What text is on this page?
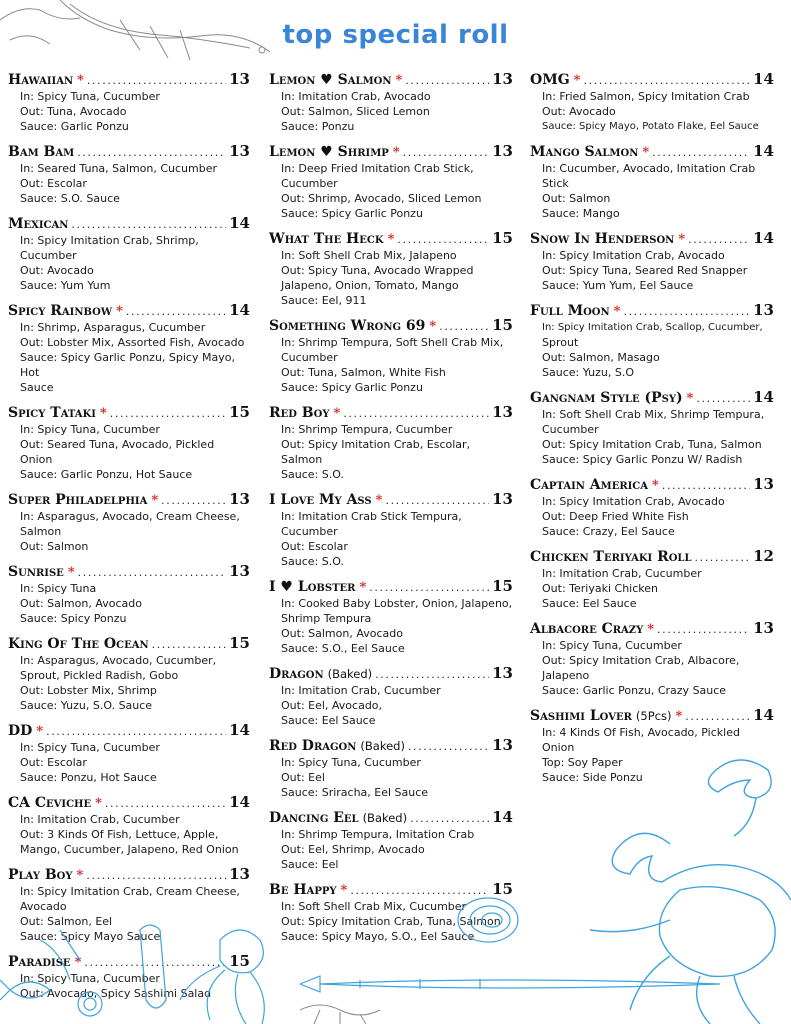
top special roll
Hawaiian * .....	13
In: Spicy Tuna, Cucumber
Out: Tuna, Avocado
Sauce: Garlic Ponzu
Bam Bam .....	13
In: Seared Tuna, Salmon, Cucumber
Out: Escolar
Sauce: S.O. Sauce
Mexican .....	14
In: Spicy Imitation Crab, Shrimp, Cucumber
Out: Avocado
Sauce: Yum Yum
Spicy Rainbow * .....	14
In: Shrimp, Asparagus, Cucumber
Out: Lobster Mix, Assorted Fish, Avocado
Sauce: Spicy Garlic Ponzu, Spicy Mayo, Hot
Sauce
Spicy Tataki * .....	15
In: Spicy Tuna, Cucumber
Out: Seared Tuna, Avocado, Pickled Onion
Sauce: Garlic Ponzu, Hot Sauce
Super Philadelphia * .....	13
In: Asparagus, Avocado, Cream Cheese,
Salmon
Out: Salmon
Sunrise * .....	13
In: Spicy Tuna
Out: Salmon, Avocado
Sauce: Spicy Ponzu
King Of The Ocean .....	15
In: Asparagus, Avocado, Cucumber,
Sprout, Pickled Radish, Gobo
Out: Lobster Mix, Shrimp
Sauce: Yuzu, S.O. Sauce
DD * .....	14
In: Spicy Tuna, Cucumber
Out: Escolar
Sauce: Ponzu, Hot Sauce
CA Ceviche * .....	14
In: Imitation Crab, Cucumber
Out: 3 Kinds Of Fish, Lettuce, Apple,
Mango, Cucumber, Jalapeno, Red Onion
Play Boy * .....	13
In: Spicy Imitation Crab, Cream Cheese,
Avocado
Out: Salmon, Eel
Sauce: Spicy Mayo Sauce
Paradise * .....	15
In: Spicy Tuna, Cucumber
Out: Avocado, Spicy Sashimi Salad
Lemon ♥ Salmon * .....	13
In: Imitation Crab, Avocado
Out: Salmon, Sliced Lemon
Sauce: Ponzu
Lemon ♥ Shrimp * .....	13
In: Deep Fried Imitation Crab Stick,
Cucumber
Out: Shrimp, Avocado, Sliced Lemon
Sauce: Spicy Garlic Ponzu
What The Heck * .....	15
In: Soft Shell Crab Mix, Jalapeno
Out: Spicy Tuna, Avocado Wrapped
Jalapeno, Onion, Tomato, Mango
Sauce: Eel, 911
Something Wrong 69 * .....	15
In: Shrimp Tempura, Soft Shell Crab Mix,
Cucumber
Out: Tuna, Salmon, White Fish
Sauce: Spicy Garlic Ponzu
Red Boy * .....	13
In: Shrimp Tempura, Cucumber
Out: Spicy Imitation Crab, Escolar, Salmon
Sauce: S.O.
I Love My Ass * .....	13
In: Imitation Crab Stick Tempura,
Cucumber
Out: Escolar
Sauce: S.O.
I ♥ Lobster * .....	15
In: Cooked Baby Lobster, Onion, Jalapeno,
Shrimp Tempura
Out: Salmon, Avocado
Sauce: S.O., Eel Sauce
Dragon (Baked) .....	13
In: Imitation Crab, Cucumber
Out: Eel, Avocado,
Sauce: Eel Sauce
Red Dragon (Baked) .....	13
In: Spicy Tuna, Cucumber
Out: Eel
Sauce: Sriracha, Eel Sauce
Dancing Eel (Baked) .....	14
In: Shrimp Tempura, Imitation Crab
Out: Eel, Shrimp, Avocado
Sauce: Eel
Be Happy * .....	15
In: Soft Shell Crab Mix, Cucumber
Out: Spicy Imitation Crab, Tuna, Salmon
Sauce: Spicy Mayo, S.O., Eel Sauce
OMG * .....	14
In: Fried Salmon, Spicy Imitation Crab
Out: Avocado
Sauce: Spicy Mayo, Potato Flake, Eel Sauce
Mango Salmon * .....	14
In: Cucumber, Avocado, Imitation Crab
Stick
Out: Salmon
Sauce: Mango
Snow In Henderson * .....	14
In: Spicy Imitation Crab, Avocado
Out: Spicy Tuna, Seared Red Snapper
Sauce: Yum Yum, Eel Sauce
Full Moon * .....	13
In: Spicy Imitation Crab, Scallop, Cucumber,
Sprout
Out: Salmon, Masago
Sauce: Yuzu, S.O
Gangnam Style (Psy) * .....	14
In: Soft Shell Crab Mix, Shrimp Tempura,
Cucumber
Out: Spicy Imitation Crab, Tuna, Salmon
Sauce: Spicy Garlic Ponzu W/ Radish
Captain America * .....	13
In: Spicy Imitation Crab, Avocado
Out: Deep Fried White Fish
Sauce: Crazy, Eel Sauce
Chicken Teriyaki Roll .....	12
In: Imitation Crab, Cucumber
Out: Teriyaki Chicken
Sauce: Eel Sauce
Albacore Crazy * .....	13
In: Spicy Tuna, Cucumber
Out: Spicy Imitation Crab, Albacore,
Jalapeno
Sauce: Garlic Ponzu, Crazy Sauce
Sashimi Lover (5Pcs) * .....	14
In: 4 Kinds Of Fish, Avocado, Pickled
Onion
Top: Soy Paper
Sauce: Side Ponzu
